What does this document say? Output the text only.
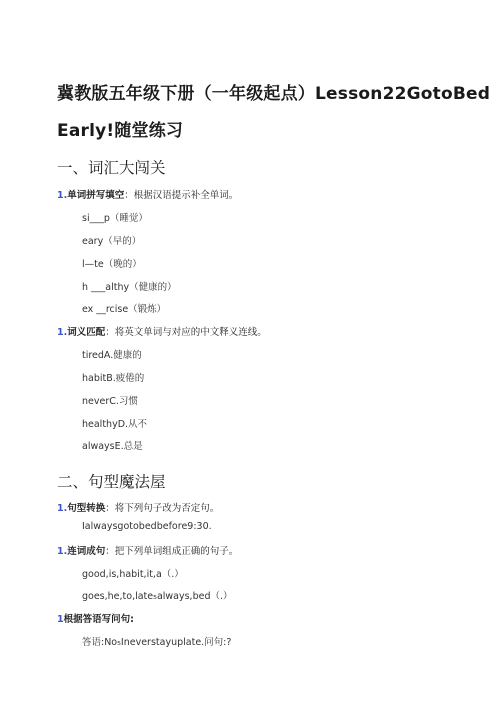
冀教版五年级下册（一年级起点）Lesson22GotoBed
Early!随堂练习
一、词汇大闯关
1.单词拼写填空：根据汉语提示补全单词。
si___p（睡觉）
eary（早的）
l—te（晚的）
h ___althy（健康的）
ex __rcise（锻炼）
1.词义匹配：将英文单词与对应的中文释义连线。
tiredA.健康的
habitB.疲倦的
neverC.习惯
healthyD.从不
alwaysE.总是
二、句型魔法屋
1.句型转换：将下列句子改为否定句。
Ialwaysgotobedbefore9:30.
1.连词成句：把下列单词组成正确的句子。
good,is,habit,it,a（.）
goes,he,to,late₅always,bed（.）
1根据答语写问句:
答语:No₅Ineverstayuplate.问句:?
